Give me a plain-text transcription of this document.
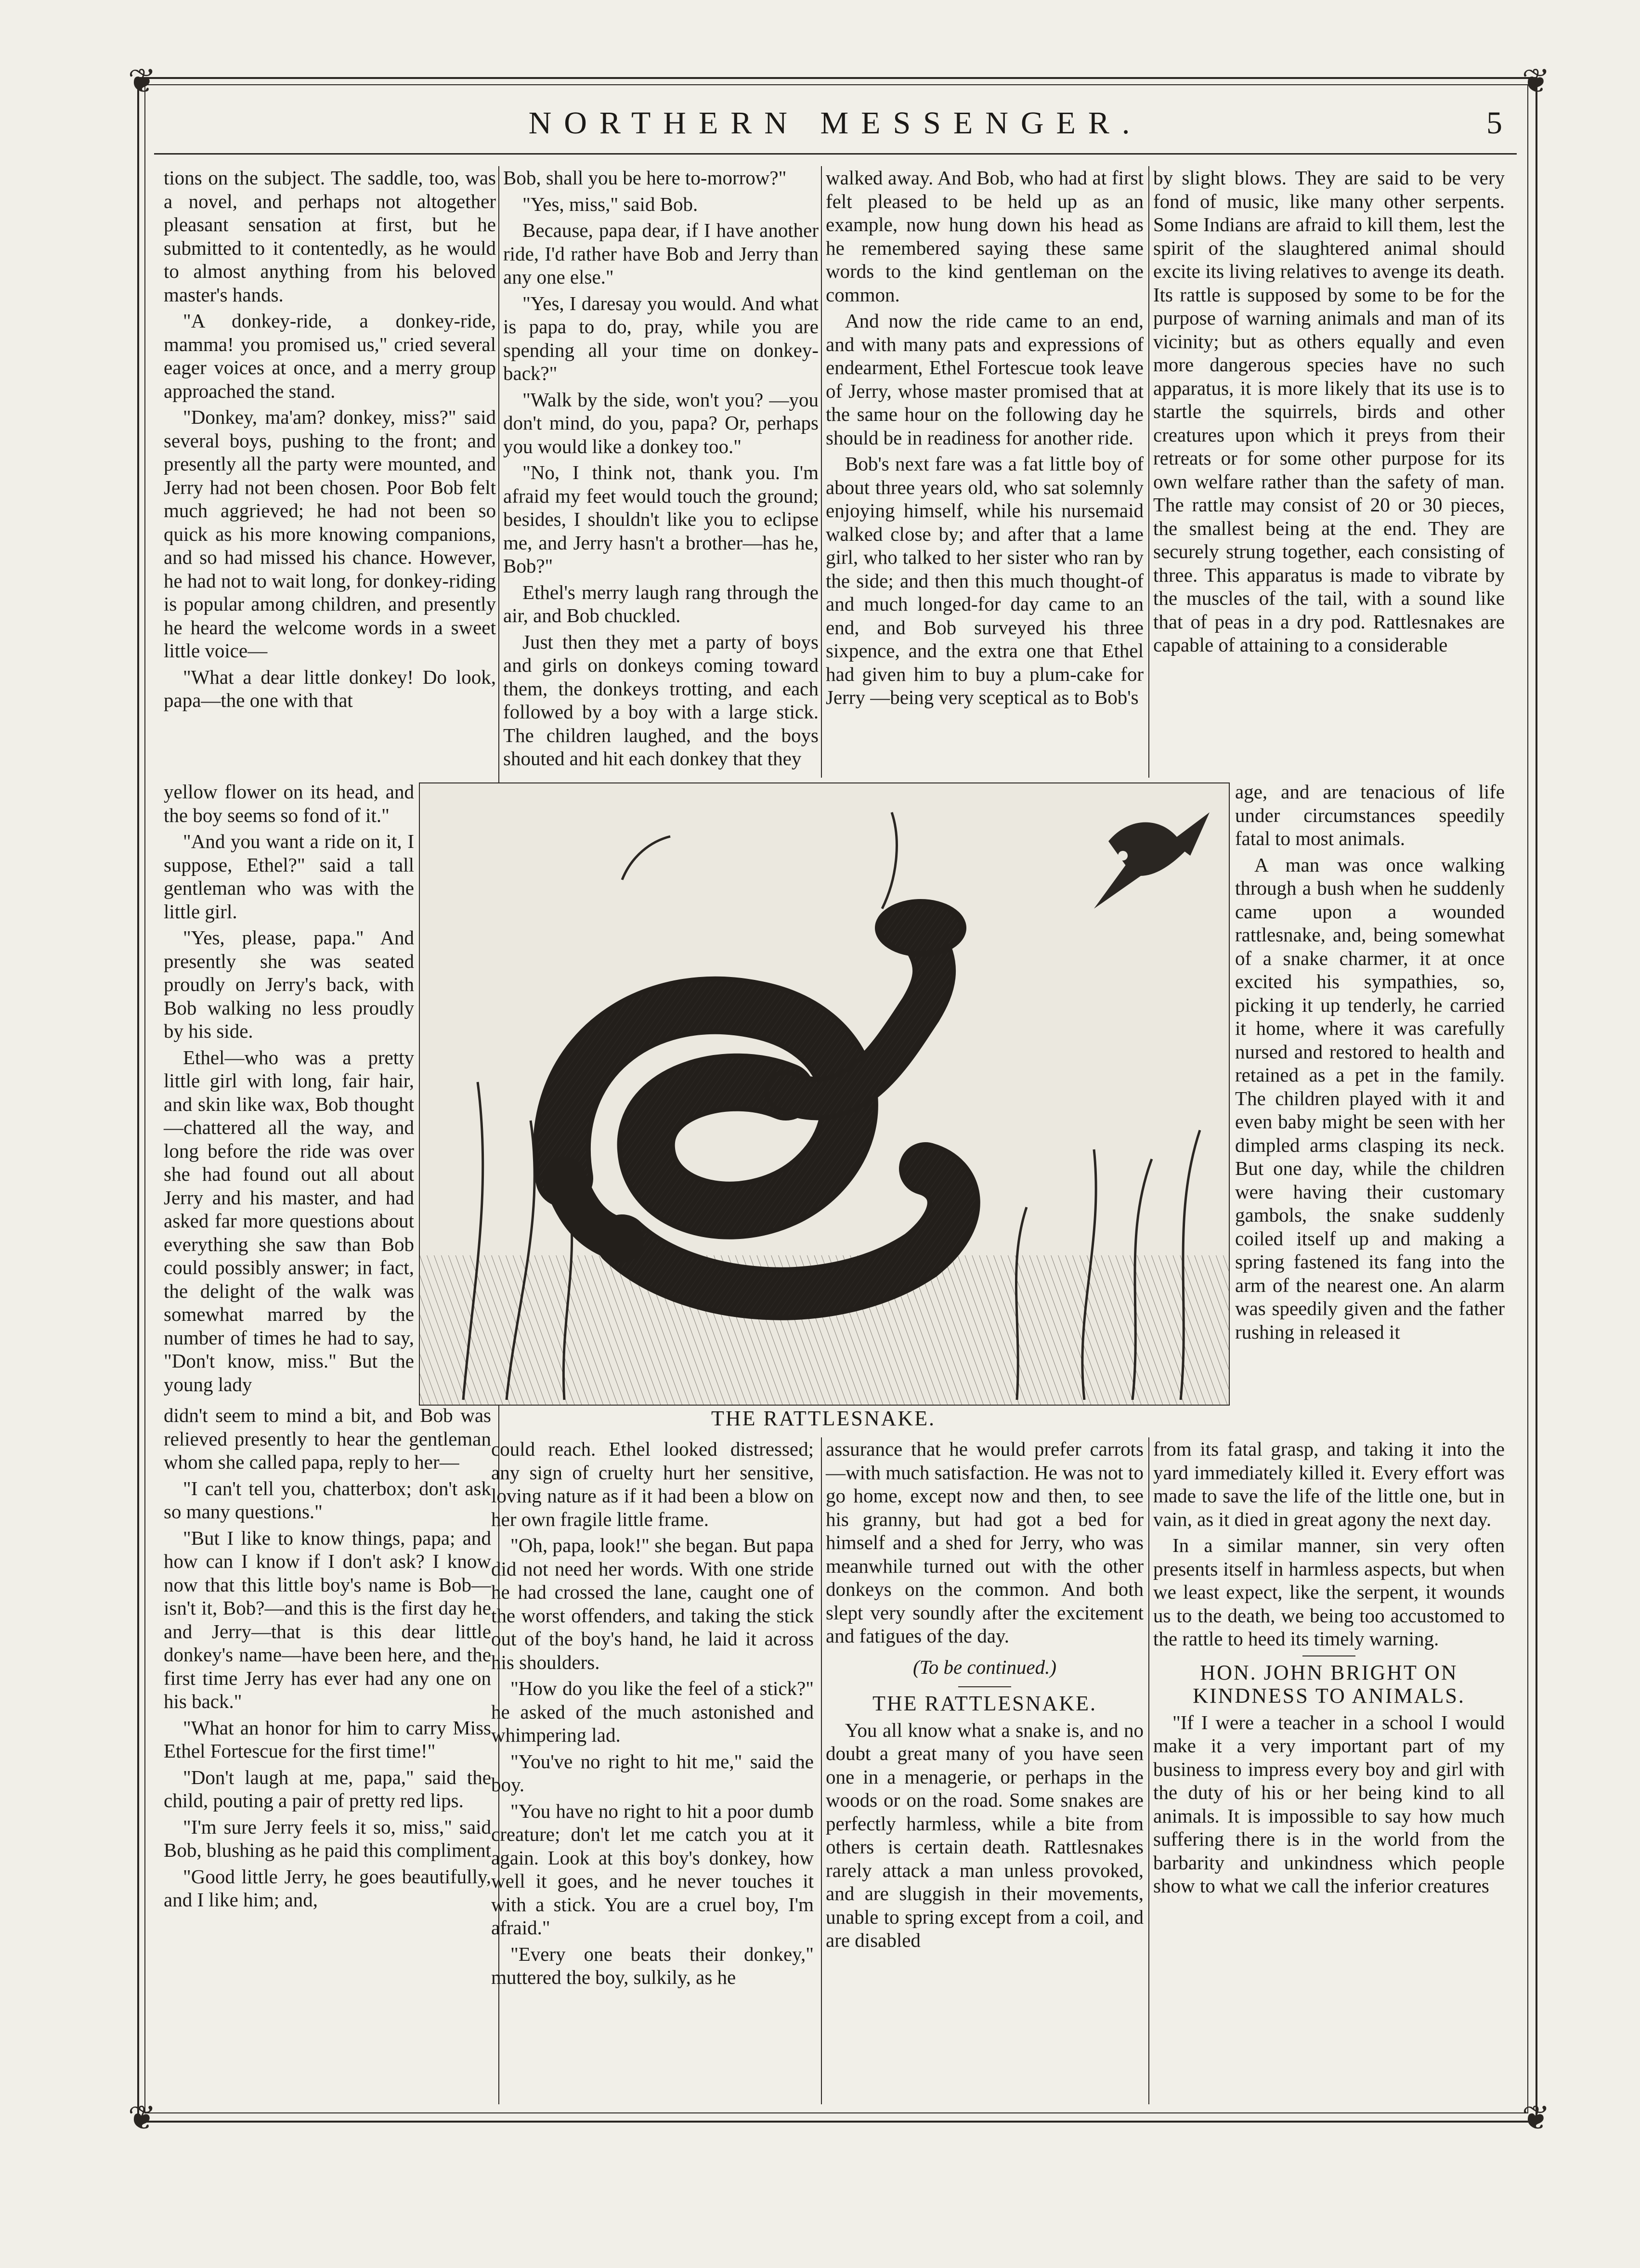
❦	❦
❦	❦
NORTHERN MESSENGER.	5

tions on the subject. The saddle, too, was a novel, and perhaps not altogether pleasant sensation at first, but he submitted to it contentedly, as he would to almost anything from his beloved master's hands.

"A donkey-ride, a donkey-ride, mamma! you promised us," cried several eager voices at once, and a merry group approached the stand.

"Donkey, ma'am? donkey, miss?" said several boys, pushing to the front; and presently all the party were mounted, and Jerry had not been chosen. Poor Bob felt much aggrieved; he had not been so quick as his more knowing companions, and so had missed his chance. However, he had not to wait long, for donkey-riding is popular among children, and presently he heard the welcome words in a sweet little voice—

"What a dear little donkey! Do look, papa—the one with that

Bob, shall you be here to-morrow?"

"Yes, miss," said Bob.

Because, papa dear, if I have another ride, I'd rather have Bob and Jerry than any one else."

"Yes, I daresay you would. And what is papa to do, pray, while you are spending all your time on donkey-back?"

"Walk by the side, won't you? —you don't mind, do you, papa? Or, perhaps you would like a donkey too."

"No, I think not, thank you. I'm afraid my feet would touch the ground; besides, I shouldn't like you to eclipse me, and Jerry hasn't a brother—has he, Bob?"

Ethel's merry laugh rang through the air, and Bob chuckled.

Just then they met a party of boys and girls on donkeys coming toward them, the donkeys trotting, and each followed by a boy with a large stick. The children laughed, and the boys shouted and hit each donkey that they

walked away. And Bob, who had at first felt pleased to be held up as an example, now hung down his head as he remembered saying these same words to the kind gentleman on the common.

And now the ride came to an end, and with many pats and expressions of endearment, Ethel Fortescue took leave of Jerry, whose master promised that at the same hour on the following day he should be in readiness for another ride.

Bob's next fare was a fat little boy of about three years old, who sat solemnly enjoying himself, while his nursemaid walked close by; and after that a lame girl, who talked to her sister who ran by the side; and then this much thought-of and much longed-for day came to an end, and Bob surveyed his three sixpence, and the extra one that Ethel had given him to buy a plum-cake for Jerry —being very sceptical as to Bob's

by slight blows. They are said to be very fond of music, like many other serpents. Some Indians are afraid to kill them, lest the spirit of the slaughtered animal should excite its living relatives to avenge its death. Its rattle is supposed by some to be for the purpose of warning animals and man of its vicinity; but as others equally and even more dangerous species have no such apparatus, it is more likely that its use is to startle the squirrels, birds and other creatures upon which it preys from their retreats or for some other purpose for its own welfare rather than the safety of man. The rattle may consist of 20 or 30 pieces, the smallest being at the end. They are securely strung together, each consisting of three. This apparatus is made to vibrate by the muscles of the tail, with a sound like that of peas in a dry pod. Rattlesnakes are capable of attaining to a considerable

yellow flower on its head, and the boy seems so fond of it."

"And you want a ride on it, I suppose, Ethel?" said a tall gentleman who was with the little girl.

"Yes, please, papa." And presently she was seated proudly on Jerry's back, with Bob walking no less proudly by his side.

Ethel—who was a pretty little girl with long, fair hair, and skin like wax, Bob thought—chattered all the way, and long before the ride was over she had found out all about Jerry and his master, and had asked far more questions about everything she saw than Bob could possibly answer; in fact, the delight of the walk was somewhat marred by the number of times he had to say, "Don't know, miss." But the young lady

THE RATTLESNAKE.

age, and are tenacious of life under circumstances speedily fatal to most animals.

A man was once walking through a bush when he suddenly came upon a wounded rattlesnake, and, being somewhat of a snake charmer, it at once excited his sympathies, so, picking it up tenderly, he carried it home, where it was carefully nursed and restored to health and retained as a pet in the family. The children played with it and even baby might be seen with her dimpled arms clasping its neck. But one day, while the children were having their customary gambols, the snake suddenly coiled itself up and making a spring fastened its fang into the arm of the nearest one. An alarm was speedily given and the father rushing in released it

didn't seem to mind a bit, and Bob was relieved presently to hear the gentleman whom she called papa, reply to her—

"I can't tell you, chatterbox; don't ask so many questions."

"But I like to know things, papa; and how can I know if I don't ask? I know now that this little boy's name is Bob—isn't it, Bob?—and this is the first day he and Jerry—that is this dear little donkey's name—have been here, and the first time Jerry has ever had any one on his back."

"What an honor for him to carry Miss Ethel Fortescue for the first time!"

"Don't laugh at me, papa," said the child, pouting a pair of pretty red lips.

"I'm sure Jerry feels it so, miss," said Bob, blushing as he paid this compliment

"Good little Jerry, he goes beautifully, and I like him; and,

could reach. Ethel looked distressed; any sign of cruelty hurt her sensitive, loving nature as if it had been a blow on her own fragile little frame.

"Oh, papa, look!" she began. But papa did not need her words. With one stride he had crossed the lane, caught one of the worst offenders, and taking the stick out of the boy's hand, he laid it across his shoulders.

"How do you like the feel of a stick?" he asked of the much astonished and whimpering lad.

"You've no right to hit me," said the boy.

"You have no right to hit a poor dumb creature; don't let me catch you at it again. Look at this boy's donkey, how well it goes, and he never touches it with a stick. You are a cruel boy, I'm afraid."

"Every one beats their donkey," muttered the boy, sulkily, as he

assurance that he would prefer carrots—with much satisfaction. He was not to go home, except now and then, to see his granny, but had got a bed for himself and a shed for Jerry, who was meanwhile turned out with the other donkeys on the common. And both slept very soundly after the excitement and fatigues of the day.

(To be continued.)

THE RATTLESNAKE.

You all know what a snake is, and no doubt a great many of you have seen one in a menagerie, or perhaps in the woods or on the road. Some snakes are perfectly harmless, while a bite from others is certain death. Rattlesnakes rarely attack a man unless provoked, and are sluggish in their movements, unable to spring except from a coil, and are disabled

from its fatal grasp, and taking it into the yard immediately killed it. Every effort was made to save the life of the little one, but in vain, as it died in great agony the next day.

In a similar manner, sin very often presents itself in harmless aspects, but when we least expect, like the serpent, it wounds us to the death, we being too accustomed to the rattle to heed its timely warning.

HON. JOHN BRIGHT ON KINDNESS TO ANIMALS.

"If I were a teacher in a school I would make it a very important part of my business to impress every boy and girl with the duty of his or her being kind to all animals. It is impossible to say how much suffering there is in the world from the barbarity and unkindness which people show to what we call the inferior creatures
